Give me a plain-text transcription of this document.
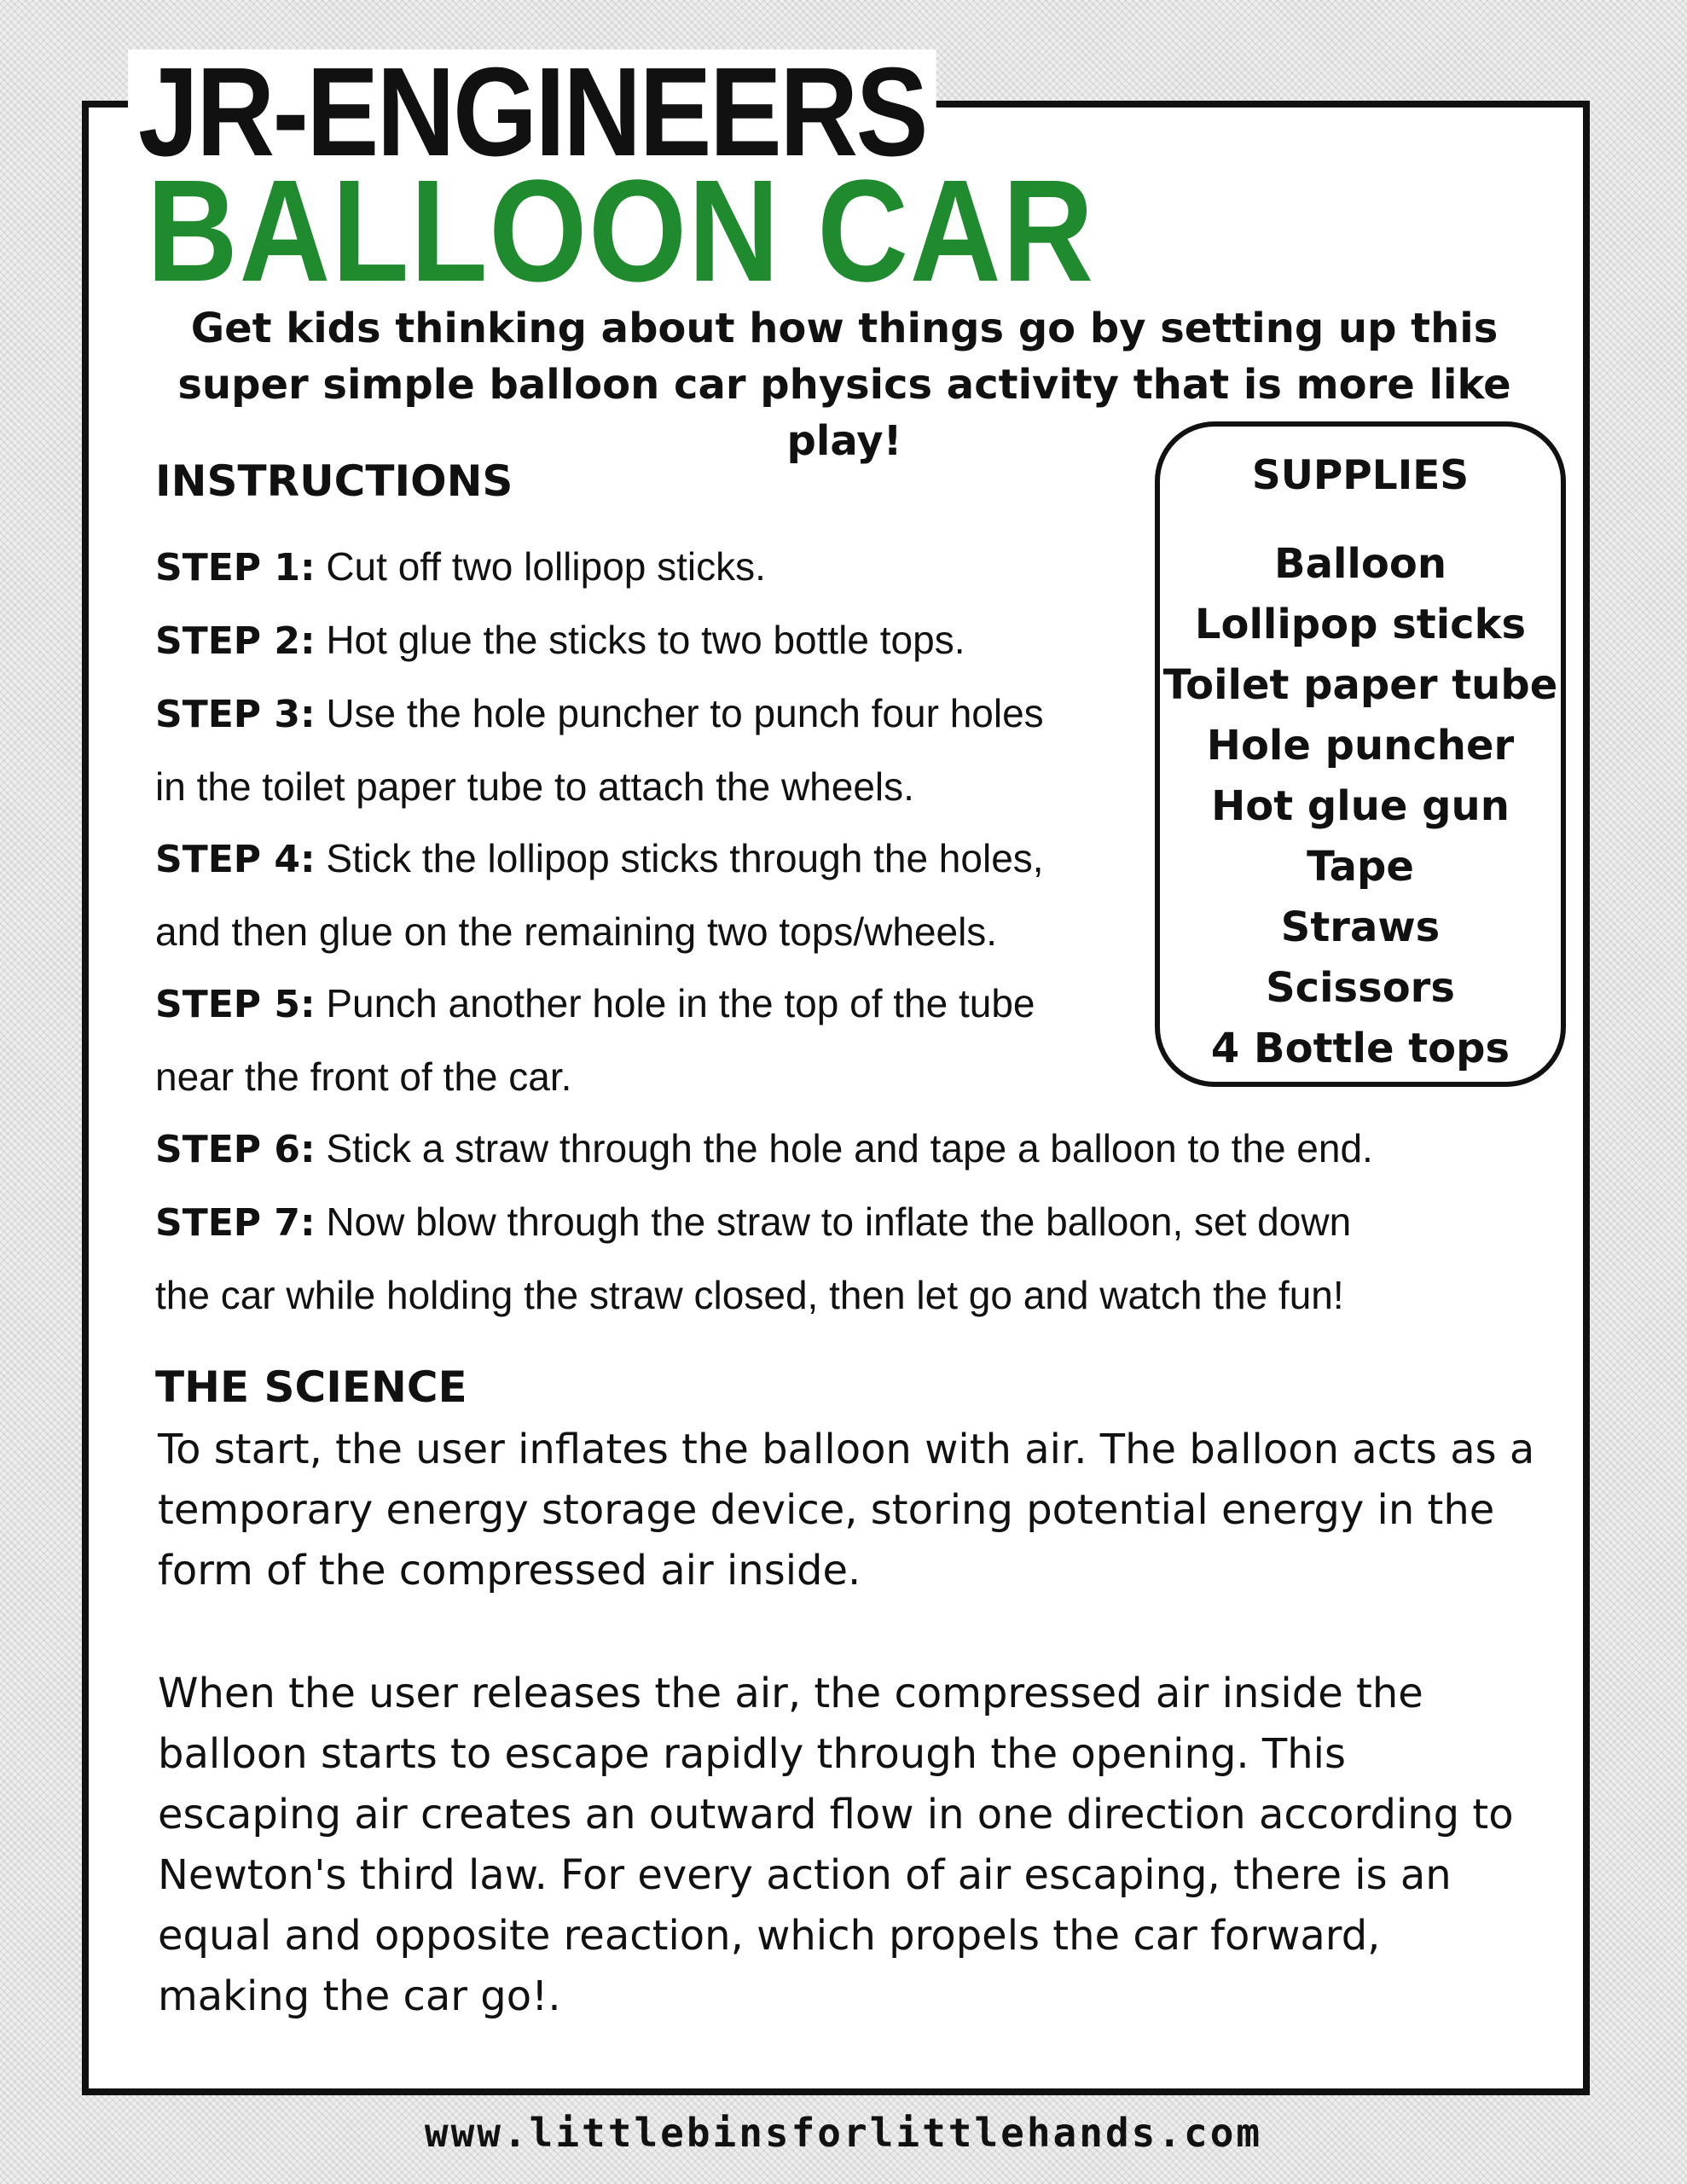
JR-ENGINEERS
BALLOON CAR

Get kids thinking about how things go by setting up this super simple balloon car physics activity that is more like play!

INSTRUCTIONS
STEP 1: Cut off two lollipop sticks.
STEP 2: Hot glue the sticks to two bottle tops.
STEP 3: Use the hole puncher to punch four holes
in the toilet paper tube to attach the wheels.
STEP 4: Stick the lollipop sticks through the holes,
and then glue on the remaining two tops/wheels.
STEP 5: Punch another hole in the top of the tube
near the front of the car.
STEP 6: Stick a straw through the hole and tape a balloon to the end.
STEP 7: Now blow through the straw to inflate the balloon, set down
the car while holding the straw closed, then let go and watch the fun!
SUPPLIES
Balloon
Lollipop sticks
Toilet paper tube
Hole puncher
Hot glue gun
Tape
Straws
Scissors
4 Bottle tops
THE SCIENCE

To start, the user inflates the balloon with air. The balloon acts as a temporary energy storage device, storing potential energy in the form of the compressed air inside.

When the user releases the air, the compressed air inside the balloon starts to escape rapidly through the opening. This escaping air creates an outward flow in one direction according to Newton's third law. For every action of air escaping, there is an equal and opposite reaction, which propels the car forward, making the car go!.

www.littlebinsforlittlehands.com
